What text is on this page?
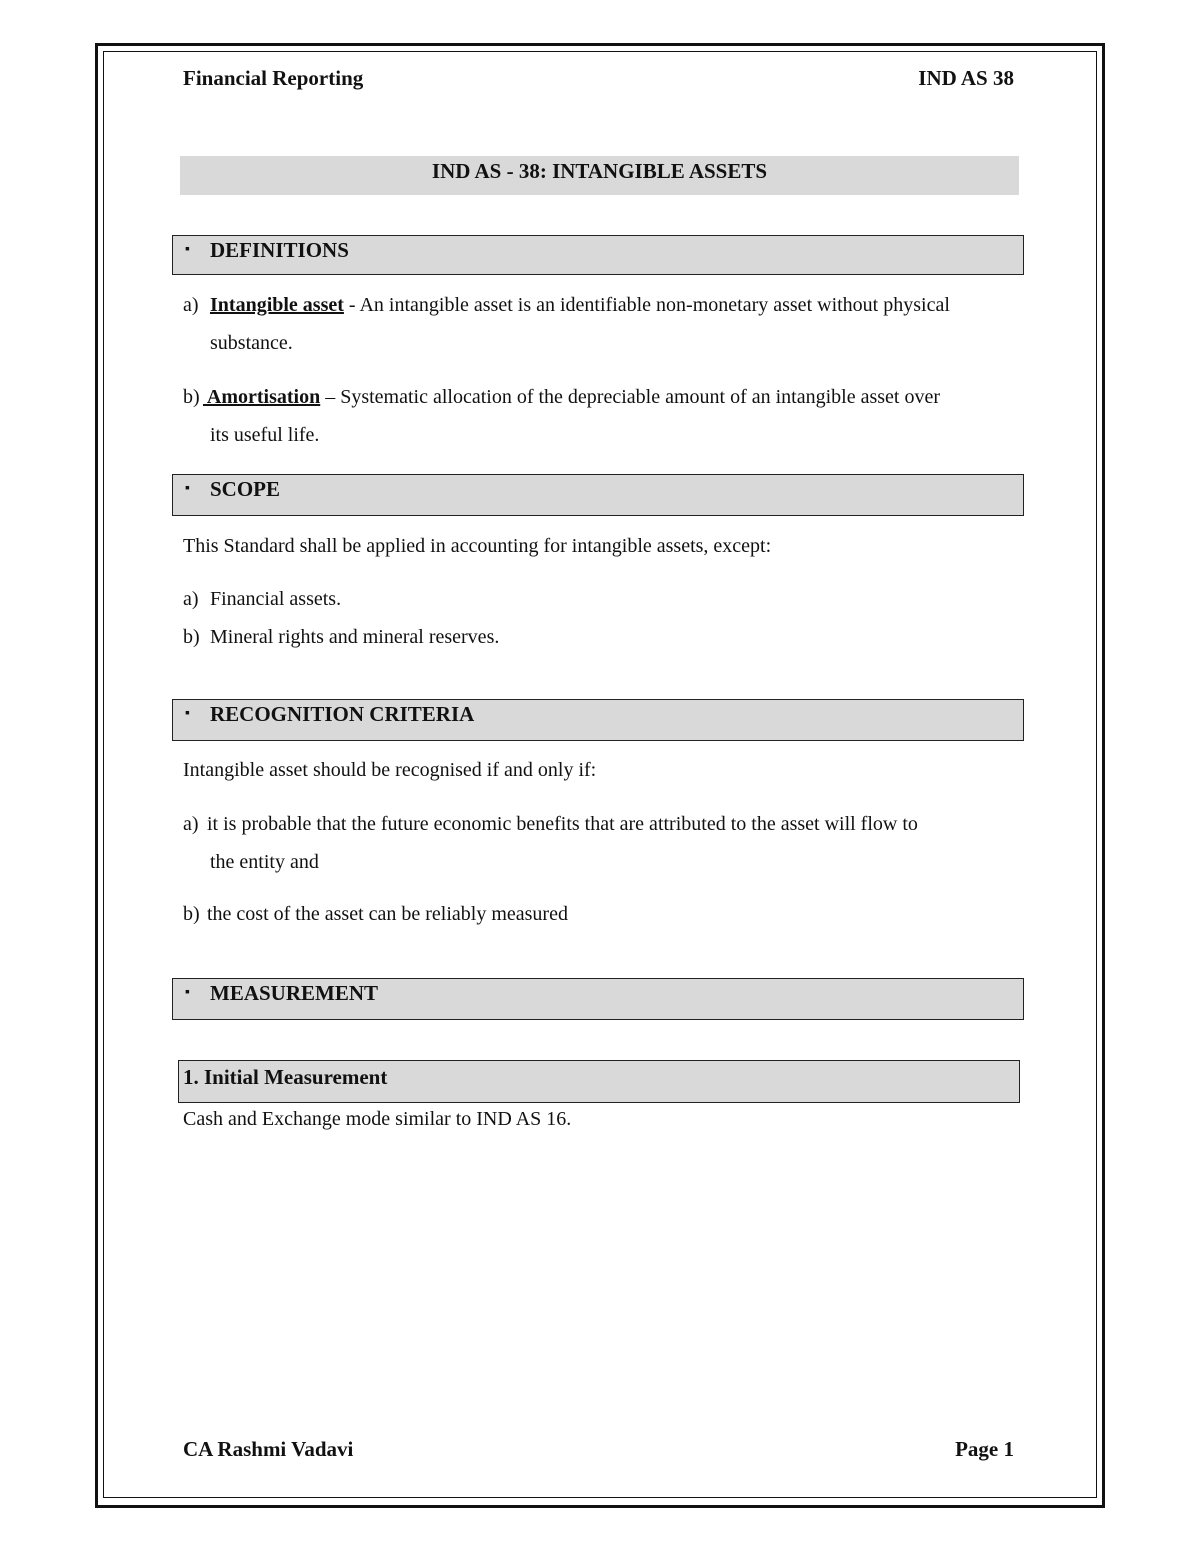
Financial Reporting	IND AS 38
IND AS - 38: INTANGIBLE ASSETS
▪ DEFINITIONS
a) Intangible asset - An intangible asset is an identifiable non-monetary asset without physical
substance.
b) Amortisation – Systematic allocation of the depreciable amount of an intangible asset over
its useful life.
▪ SCOPE
This Standard shall be applied in accounting for intangible assets, except:
a) Financial assets.
b) Mineral rights and mineral reserves.
▪ RECOGNITION CRITERIA
Intangible asset should be recognised if and only if:
a) it is probable that the future economic benefits that are attributed to the asset will flow to
the entity and
b) the cost of the asset can be reliably measured
▪ MEASUREMENT
1. Initial Measurement
Cash and Exchange mode similar to IND AS 16.
CA Rashmi Vadavi	Page 1
